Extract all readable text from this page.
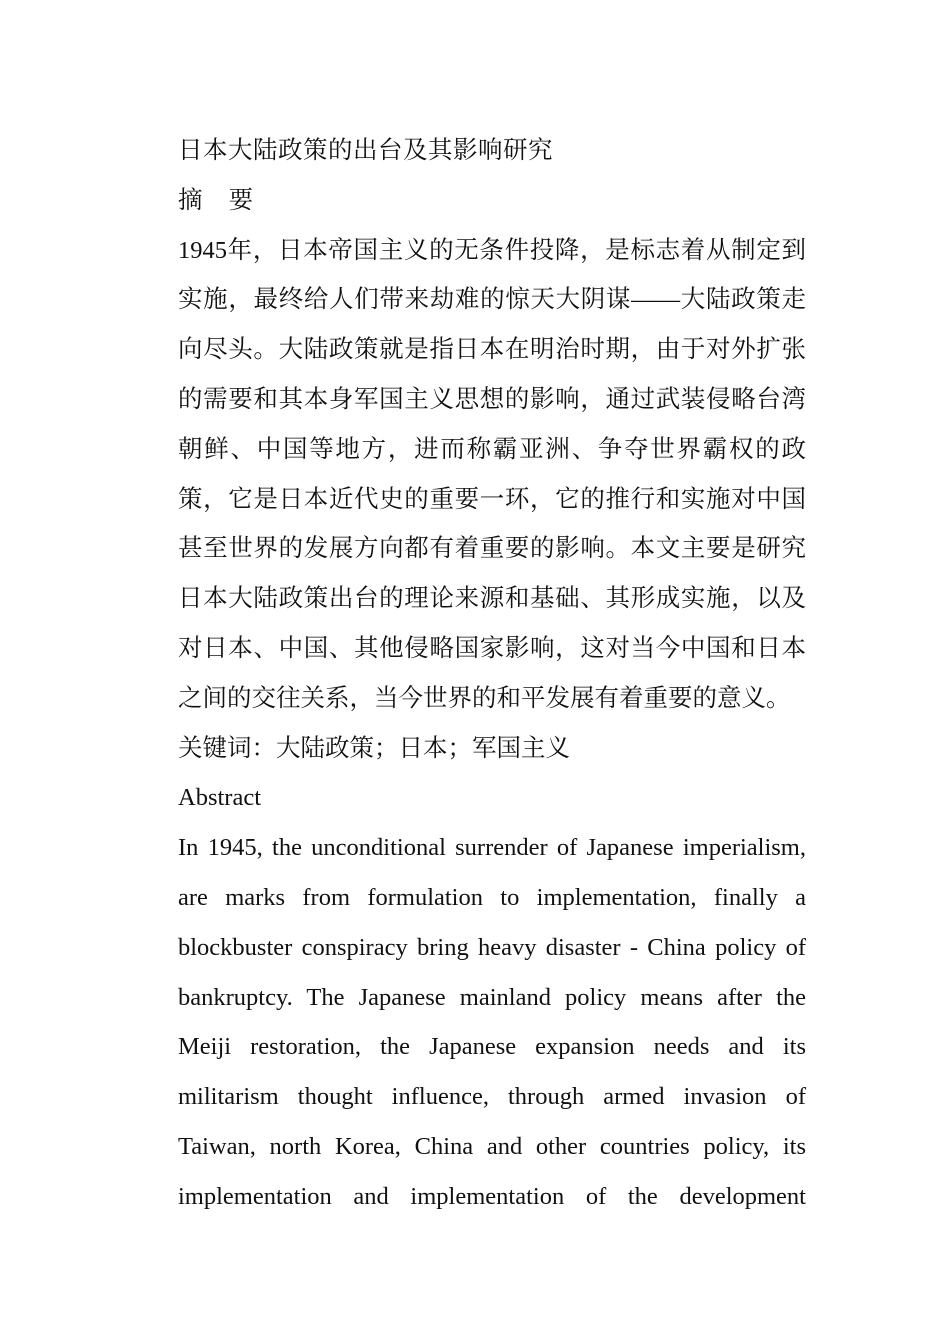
日本大陆政策的出台及其影响研究
摘 要
1945年，日本帝国主义的无条件投降，是标志着从制定到实施，最终给人们带来劫难的惊天大阴谋——大陆政策走向尽头。大陆政策就是指日本在明治时期，由于对外扩张的需要和其本身军国主义思想的影响，通过武装侵略台湾朝鲜、中国等地方，进而称霸亚洲、争夺世界霸权的政策，它是日本近代史的重要一环，它的推行和实施对中国甚至世界的发展方向都有着重要的影响。本文主要是研究日本大陆政策出台的理论来源和基础、其形成实施，以及对日本、中国、其他侵略国家影响，这对当今中国和日本之间的交往关系，当今世界的和平发展有着重要的意义。
关键词：大陆政策；日本；军国主义
Abstract
In 1945, the unconditional surrender of Japanese imperialism, are marks from formulation to implementation, finally a blockbuster conspiracy bring heavy disaster - China policy of bankruptcy. The Japanese mainland policy means after the Meiji restoration, the Japanese expansion needs and its militarism thought influence, through armed invasion of Taiwan, north Korea, China and other countries policy, its implementation and implementation of the development
